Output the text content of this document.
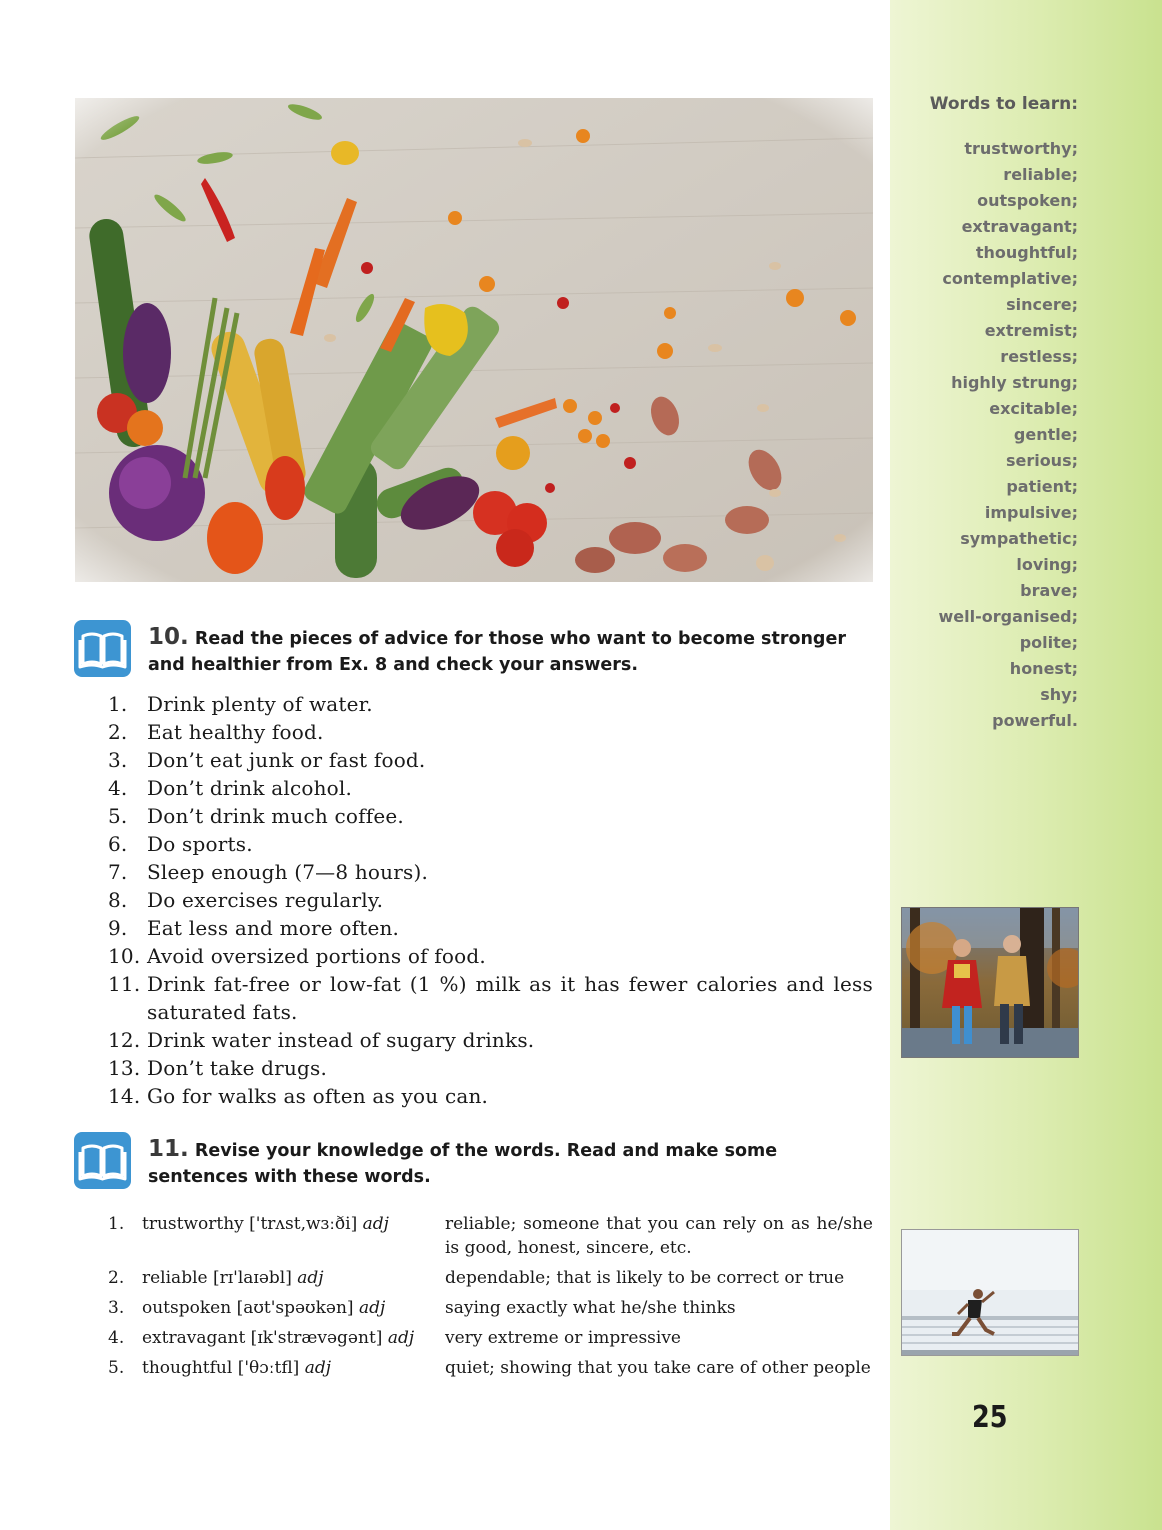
Words to learn:
trustworthy;
reliable;
outspoken;
extravagant;
thoughtful;
contemplative;
sincere;
extremist;
restless;
highly strung;
excitable;
gentle;
serious;
patient;
impulsive;
sympathetic;
loving;
brave;
well-organised;
polite;
honest;
shy;
powerful.
25
10. Read the pieces of advice for those who want to become stronger and healthier from Ex. 8 and check your answers.
1. Drink plenty of water.
2. Eat healthy food.
3. Don’t eat junk or fast food.
4. Don’t drink alcohol.
5. Don’t drink much coffee.
6. Do sports.
7. Sleep enough (7—8 hours).
8. Do exercises regularly.
9. Eat less and more often.
10. Avoid oversized portions of food.
11. Drink fat-free or low-fat (1 %) milk as it has fewer calories and less saturated fats.
12. Drink water instead of sugary drinks.
13. Don’t take drugs.
14. Go for walks as often as you can.
11. Revise your knowledge of the words. Read and make some sentences with these words.
1.	trustworthy ['trʌst,wɜːði] adj	reliable; someone that you can rely on as he/she is good, honest, sincere, etc.
2.	reliable [rɪ'laɪəbl] adj	dependable; that is likely to be correct or true
3.	outspoken [aʊt'spəʊkən] adj	saying exactly what he/she thinks
4.	extravagant [ɪk'strævəgənt] adj	very extreme or impressive
5.	thoughtful ['θɔːtfl] adj	quiet; showing that you take care of other people
